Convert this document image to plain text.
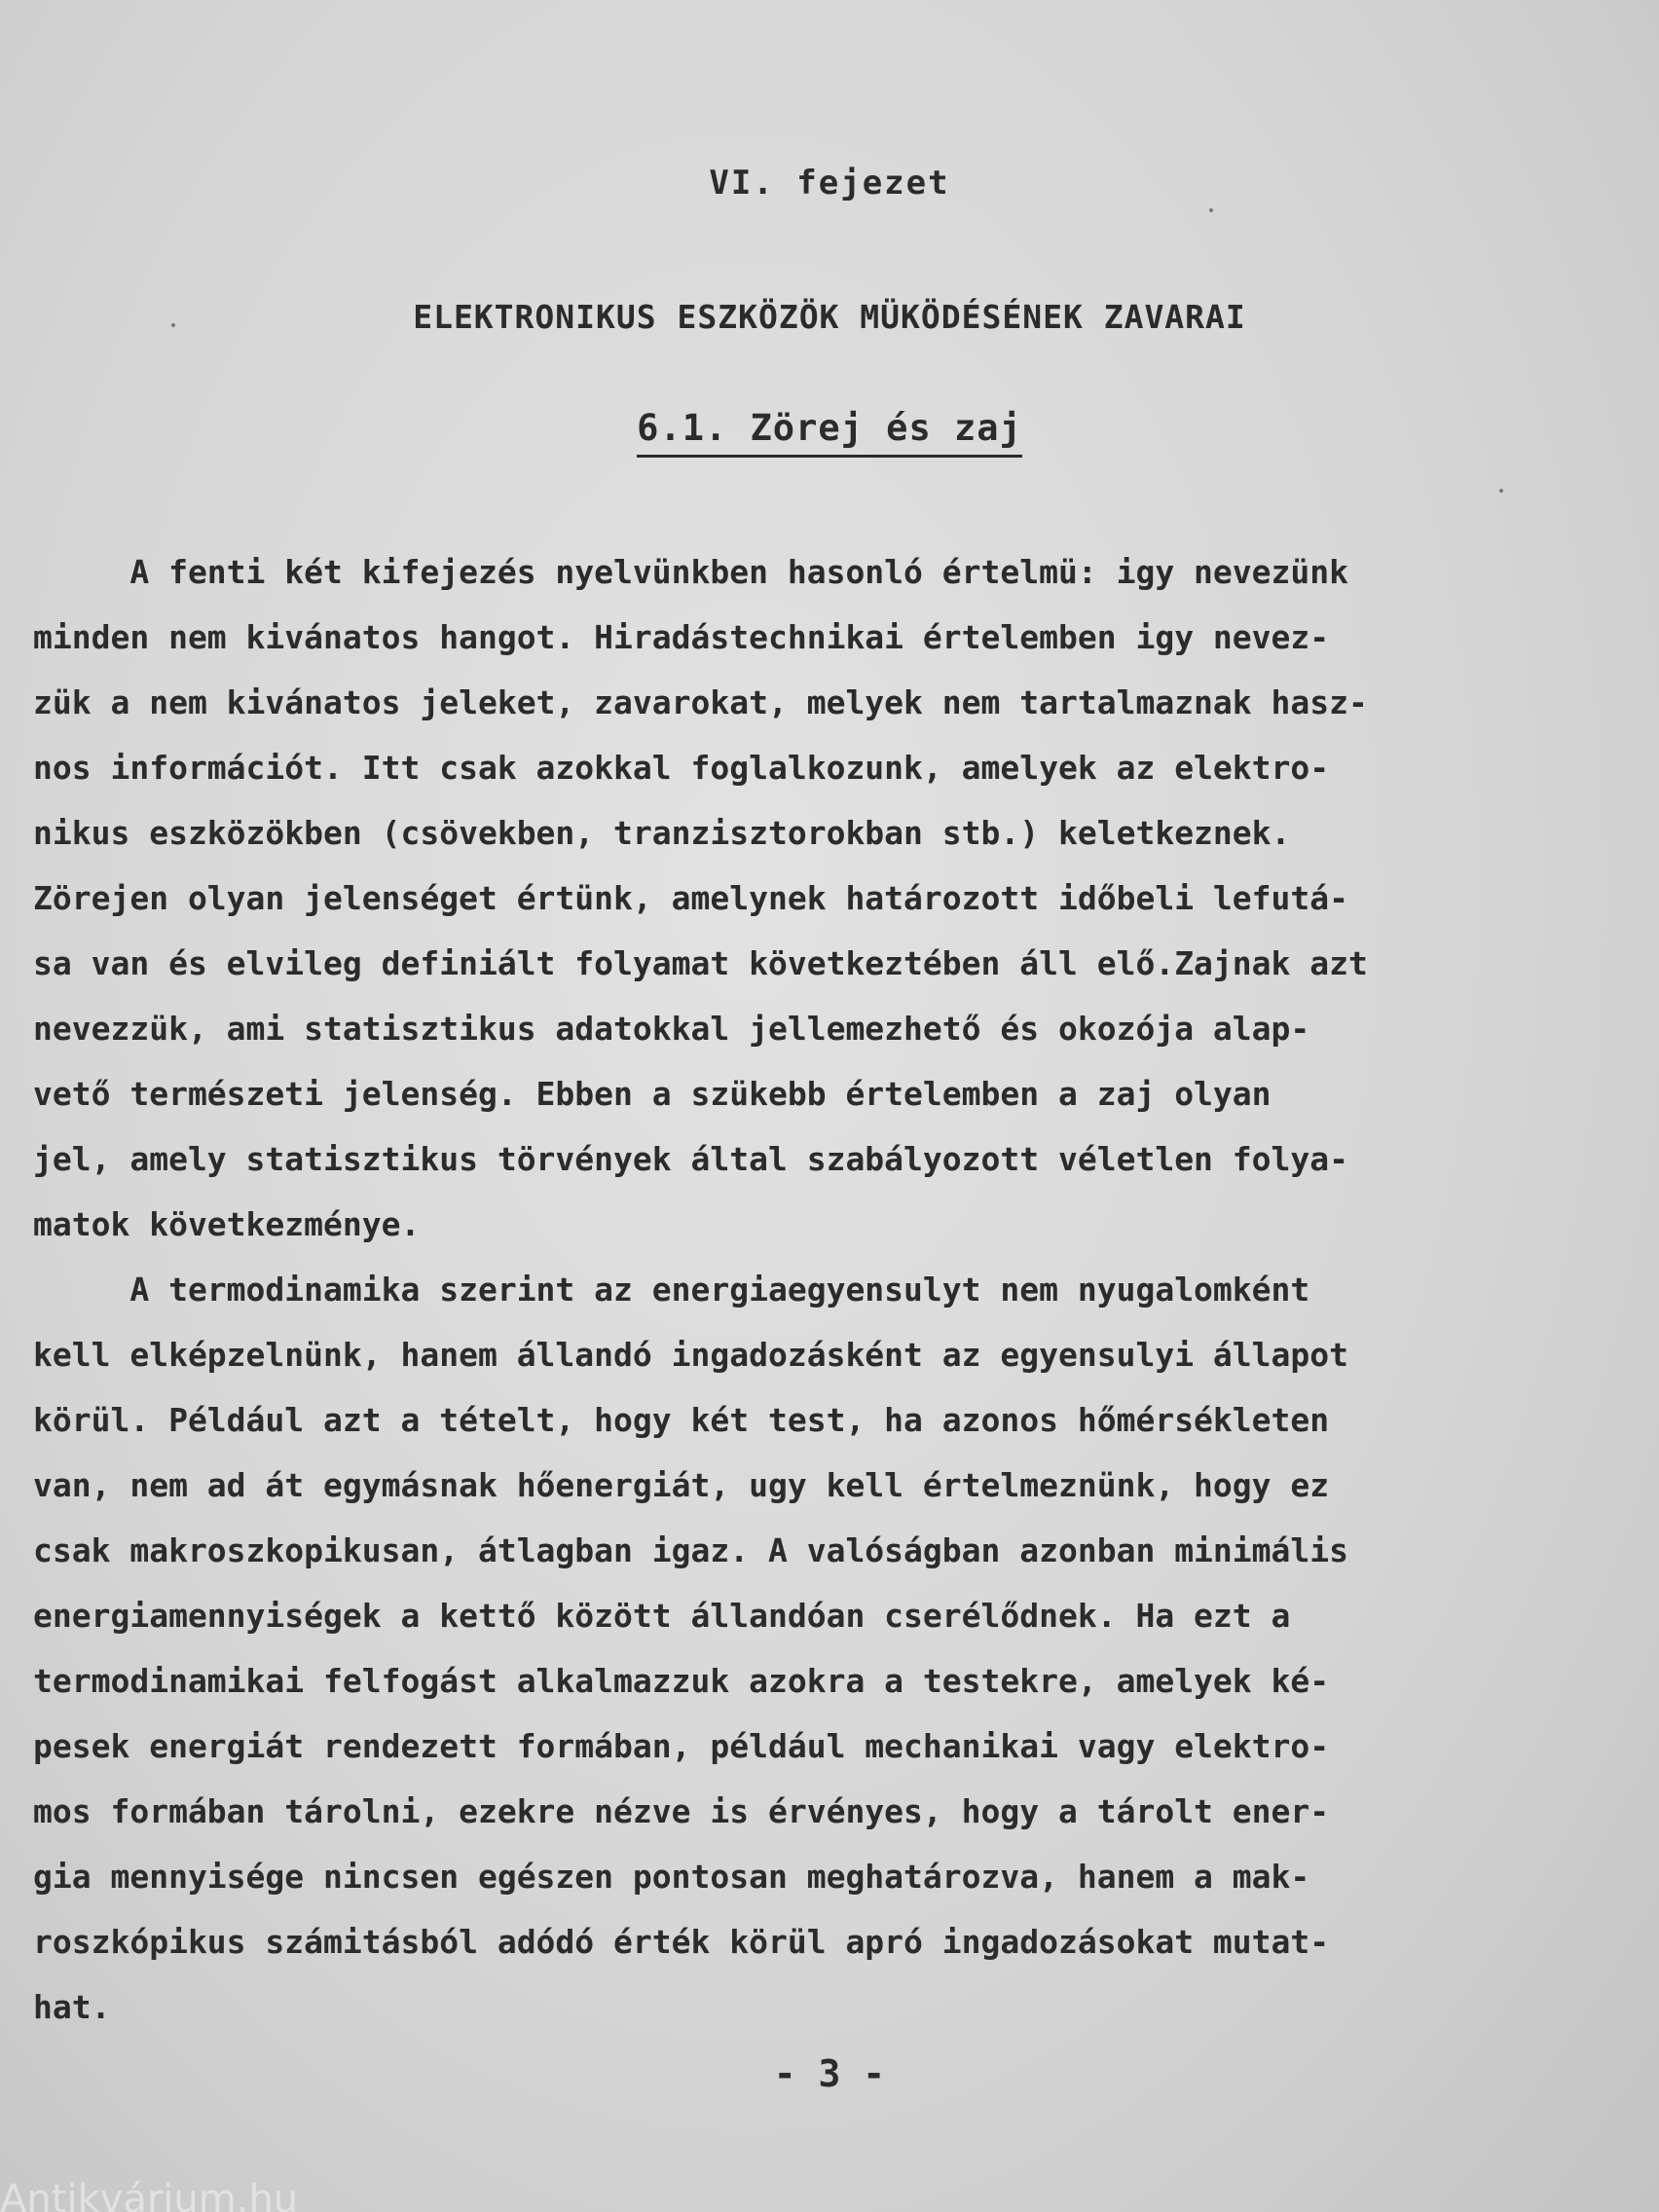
VI. fejezet
ELEKTRONIKUS ESZKÖZÖK MÜKÖDÉSÉNEK ZAVARAI
6.1. Zörej és zaj
A fenti két kifejezés nyelvünkben hasonló értelmü: igy nevezünk
minden nem kivánatos hangot. Hiradástechnikai értelemben igy nevez-
zük a nem kivánatos jeleket, zavarokat, melyek nem tartalmaznak hasz-
nos információt. Itt csak azokkal foglalkozunk, amelyek az elektro-
nikus eszközökben (csövekben, tranzisztorokban stb.) keletkeznek.
Zörejen olyan jelenséget értünk, amelynek határozott időbeli lefutá-
sa van és elvileg definiált folyamat következtében áll elő.Zajnak azt
nevezzük, ami statisztikus adatokkal jellemezhető és okozója alap-
vető természeti jelenség. Ebben a szükebb értelemben a zaj olyan
jel, amely statisztikus törvények által szabályozott véletlen folya-
matok következménye.
A termodinamika szerint az energiaegyensulyt nem nyugalomként
kell elképzelnünk, hanem állandó ingadozásként az egyensulyi állapot
körül. Például azt a tételt, hogy két test, ha azonos hőmérsékleten
van, nem ad át egymásnak hőenergiát, ugy kell értelmeznünk, hogy ez
csak makroszkopikusan, átlagban igaz. A valóságban azonban minimális
energiamennyiségek a kettő között állandóan cserélődnek. Ha ezt a
termodinamikai felfogást alkalmazzuk azokra a testekre, amelyek ké-
pesek energiát rendezett formában, például mechanikai vagy elektro-
mos formában tárolni, ezekre nézve is érvényes, hogy a tárolt ener-
gia mennyisége nincsen egészen pontosan meghatározva, hanem a mak-
roszkópikus számitásból adódó érték körül apró ingadozásokat mutat-
hat.
- 3 -
Antikvárium.hu
